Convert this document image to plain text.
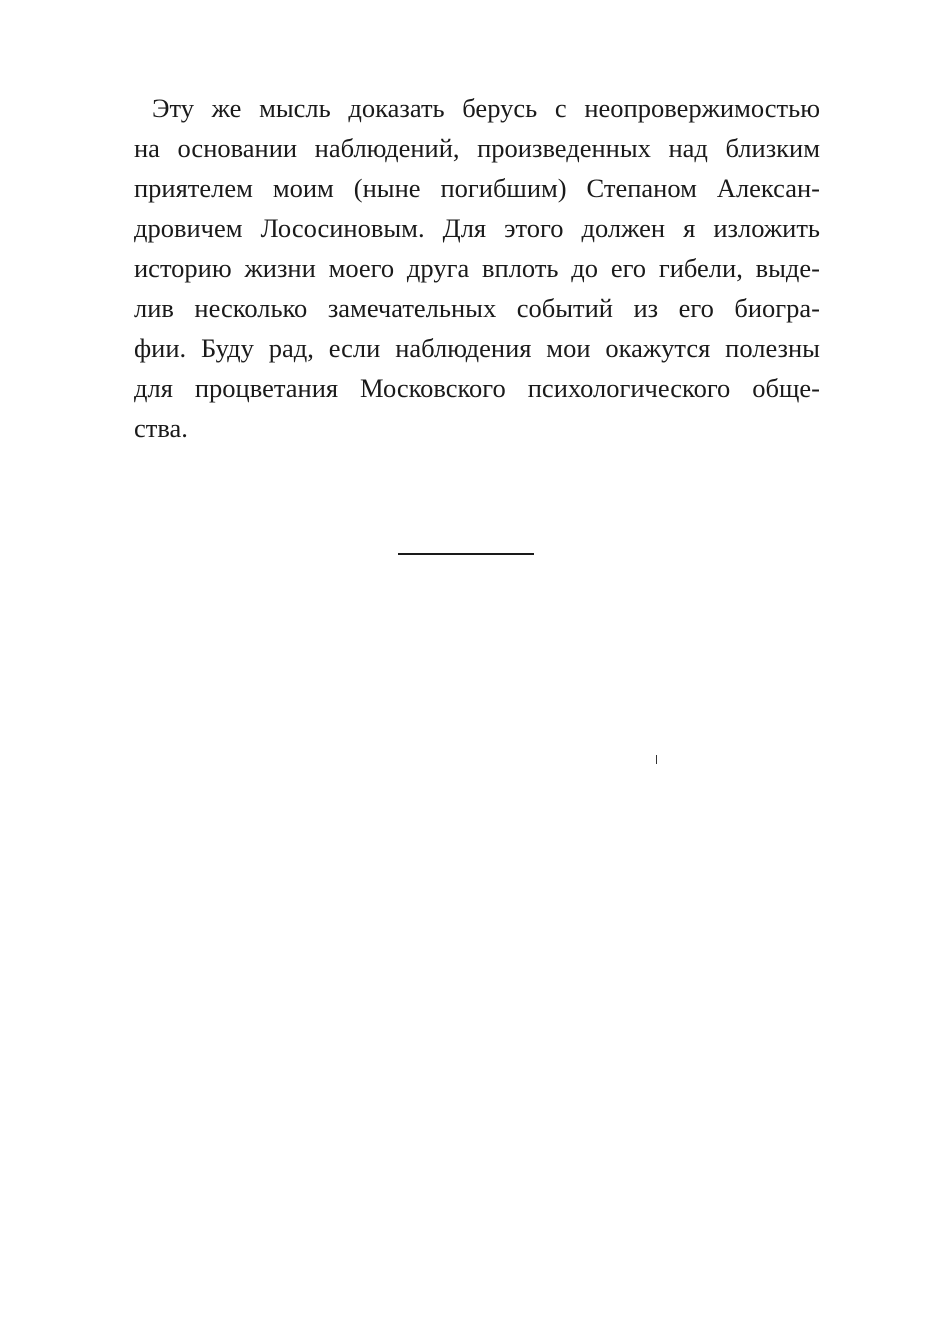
Эту же мысль доказать берусь с неопровержимостью
на основании наблюдений, произведенных над близким
приятелем моим (ныне погибшим) Степаном Алексан-
дровичем Лососиновым. Для этого должен я изложить
историю жизни моего друга вплоть до его гибели, выде-
лив несколько замечательных событий из его биогра-
фии. Буду рад, если наблюдения мои окажутся полезны
для процветания Московского психологического обще-
ства.
